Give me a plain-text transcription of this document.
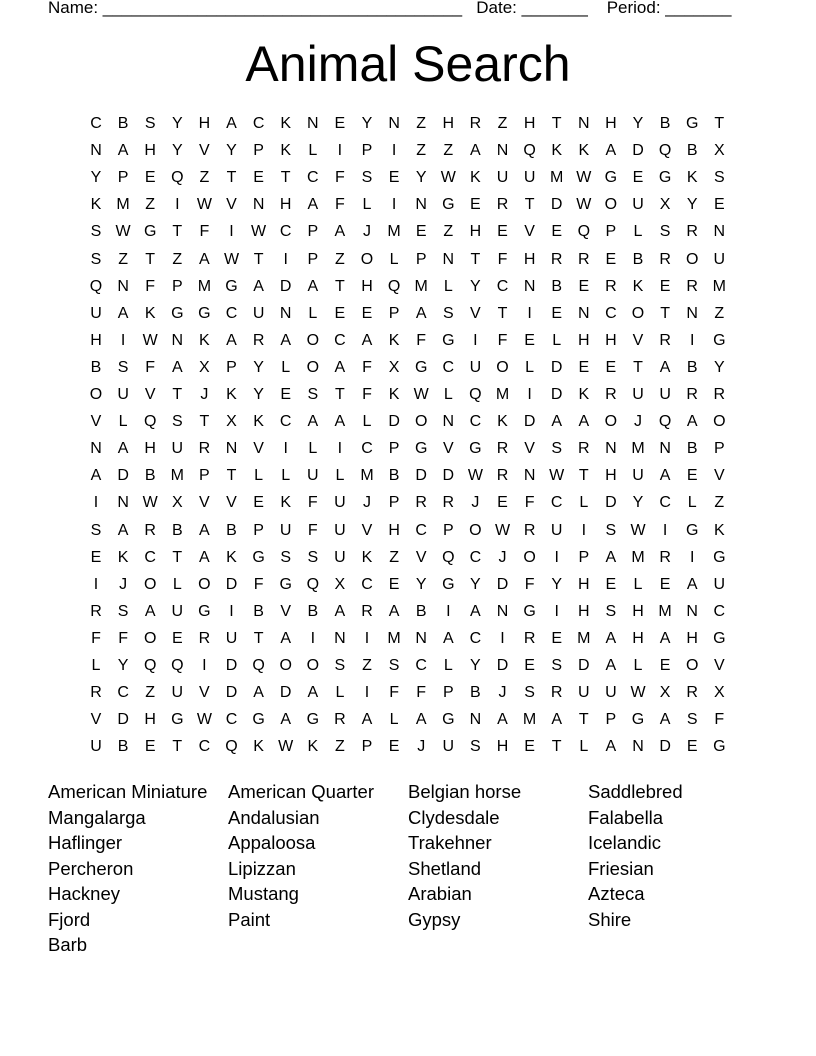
Name: ______________________________________ Date: _______ Period: _______
Animal Search
C B	S	Y H A C K	N E	Y N	Z	H R	Z	H	T	N H Y	B G	T
N A H Y	V	Y	P	K	L	I	P	I	Z	Z	A	N Q K	K	A	D Q B	X
Y	P	E Q Z	T	E	T	C	F	S	E	Y W K	U U M W G E G K	S
K M Z	I	W V N H A	F	L	I	N G E	R	T	D W O U X	Y	E
S W G	T	F	I	W C P	A	J	M E	Z	H E	V	E Q P	L	S R N
S	Z	T	Z	A W T	I	P	Z O	L	P	N	T	F	H R R E	B R O U
Q N	F	P M G A D A	T	H Q M	L	Y	C N B	E R K	E R M
U A	K G G C U N	L	E	E	P	A	S	V	T	I	E	N C O T	N	Z
H	I	W N K	A R A O C A	K	F G	I	F	E	L	H H V R	I	G
B	S	F	A	X	P	Y	L	O A	F	X G C U O	L	D E	E	T	A	B	Y
O U V	T	J	K	Y	E	S	T	F	K W L	Q M	I	D K R U U R R
V	L	Q S	T	X	K C A	A	L	D O N C K D A	A O	J	Q A O
N A H U R N V	I	L	I	C P G V G R V	S	R N M N B	P
A D B M P	T	L	L	U	L M B D D W R N W T	H U A	E	V
I	N W X	V	V	E	K	F	U	J	P R R	J	E	F	C	L	D Y C	L	Z
S	A R B	A	B	P U	F	U V H C P O W R U	I	S W	I	G K
E	K C	T	A	K G S	S U K	Z	V Q C	J	O	I	P	A M R	I	G
I	J	O	L	O D	F G Q X	C E	Y G Y	D	F	Y	H E	L	E	A	U
R S	A	U G	I	B	V	B	A	R A	B	I	A	N G	I	H S	H M N C
F	F O E R U	T	A	I	N	I	M N A C	I	R E M A	H A H G
L	Y Q Q	I	D Q O O S	Z	S C	L	Y	D E	S	D A	L	E O V
R C	Z	U V	D A D A	L	I	F	F	P	B	J	S R U U W X R X
V D H G W C G A G R A	L	A G N A M A	T	P G A	S	F
U B	E	T	C Q K W K	Z	P	E	J	U S	H E	T	L	A	N D E G
American Miniature
Mangalarga
Haflinger
Percheron
Hackney
Fjord
Barb
American Quarter
Andalusian
Appaloosa
Lipizzan
Mustang
Paint
Belgian horse
Clydesdale
Trakehner
Shetland
Arabian
Gypsy
Saddlebred
Falabella
Icelandic
Friesian
Azteca
Shire
